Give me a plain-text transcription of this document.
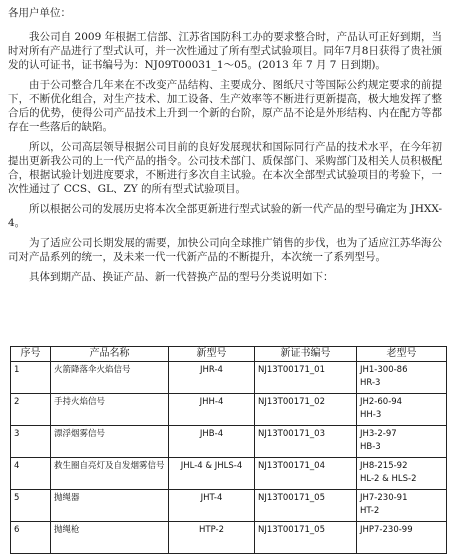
各用户单位：

我公司自 2009 年根据工信部、江苏省国防科工办的要求整合时，产品认可正好到期，当时对所有产品进行了型式认可，并一次性通过了所有型式试验项目。同年7月8日获得了贵社颁发的认可证书，证书编号为：NJ09T00031_1～05。(2013 年 7 月 7 日到期)。

由于公司整合几年来在不改变产品结构、主要成分、图纸尺寸等国际公约规定要求的前提下，不断优化组合，对生产技术、加工设备、生产效率等不断进行更新提高，极大地发挥了整合后的优势，使得公司产品技术上升到一个新的台阶，原产品不论是外形结构、内在配方等都存在一些落后的缺陷。

所以，公司高层领导根据公司目前的良好发展现状和国际同行产品的技术水平，在今年初提出更新我公司的上一代产品的指令。公司技术部门、质保部门、采购部门及相关人员积极配合，根据试验计划进度要求，不断进行多次自主试验。在本次全部型式试验项目的考验下，一次性通过了 CCS、GL、ZY 的所有型式试验项目。

所以根据公司的发展历史将本次全部更新进行型式试验的新一代产品的型号确定为 JHXX-4。

为了适应公司长期发展的需要，加快公司向全球推广销售的步伐，也为了适应江苏华海公司对产品系列的统一，及未来一代一代新产品的不断提升，本次统一了系列型号。

具体到期产品、换证产品、新一代替换产品的型号分类说明如下：

序号	产品名称	新型号	新证书编号	老型号
1	火箭降落伞火焰信号	JHR-4	NJ13T00171_01	JH1-300-86
HR-3

2	手持火焰信号	JHH-4	NJ13T00171_02	JH2-60-94
HH-3

3	漂浮烟雾信号	JHB-4	NJ13T00171_03	JH3-2-97
HB-3

4	救生圈自亮灯及自发烟雾信号	JHL-4 & JHLS-4	NJ13T00171_04	JH8-215-92
HL-2 & HLS-2

5	抛绳器	JHT-4	NJ13T00171_05	JH7-230-91
HT-2

6	抛绳枪	HTP-2	NJ13T00171_05	JHP7-230-99
